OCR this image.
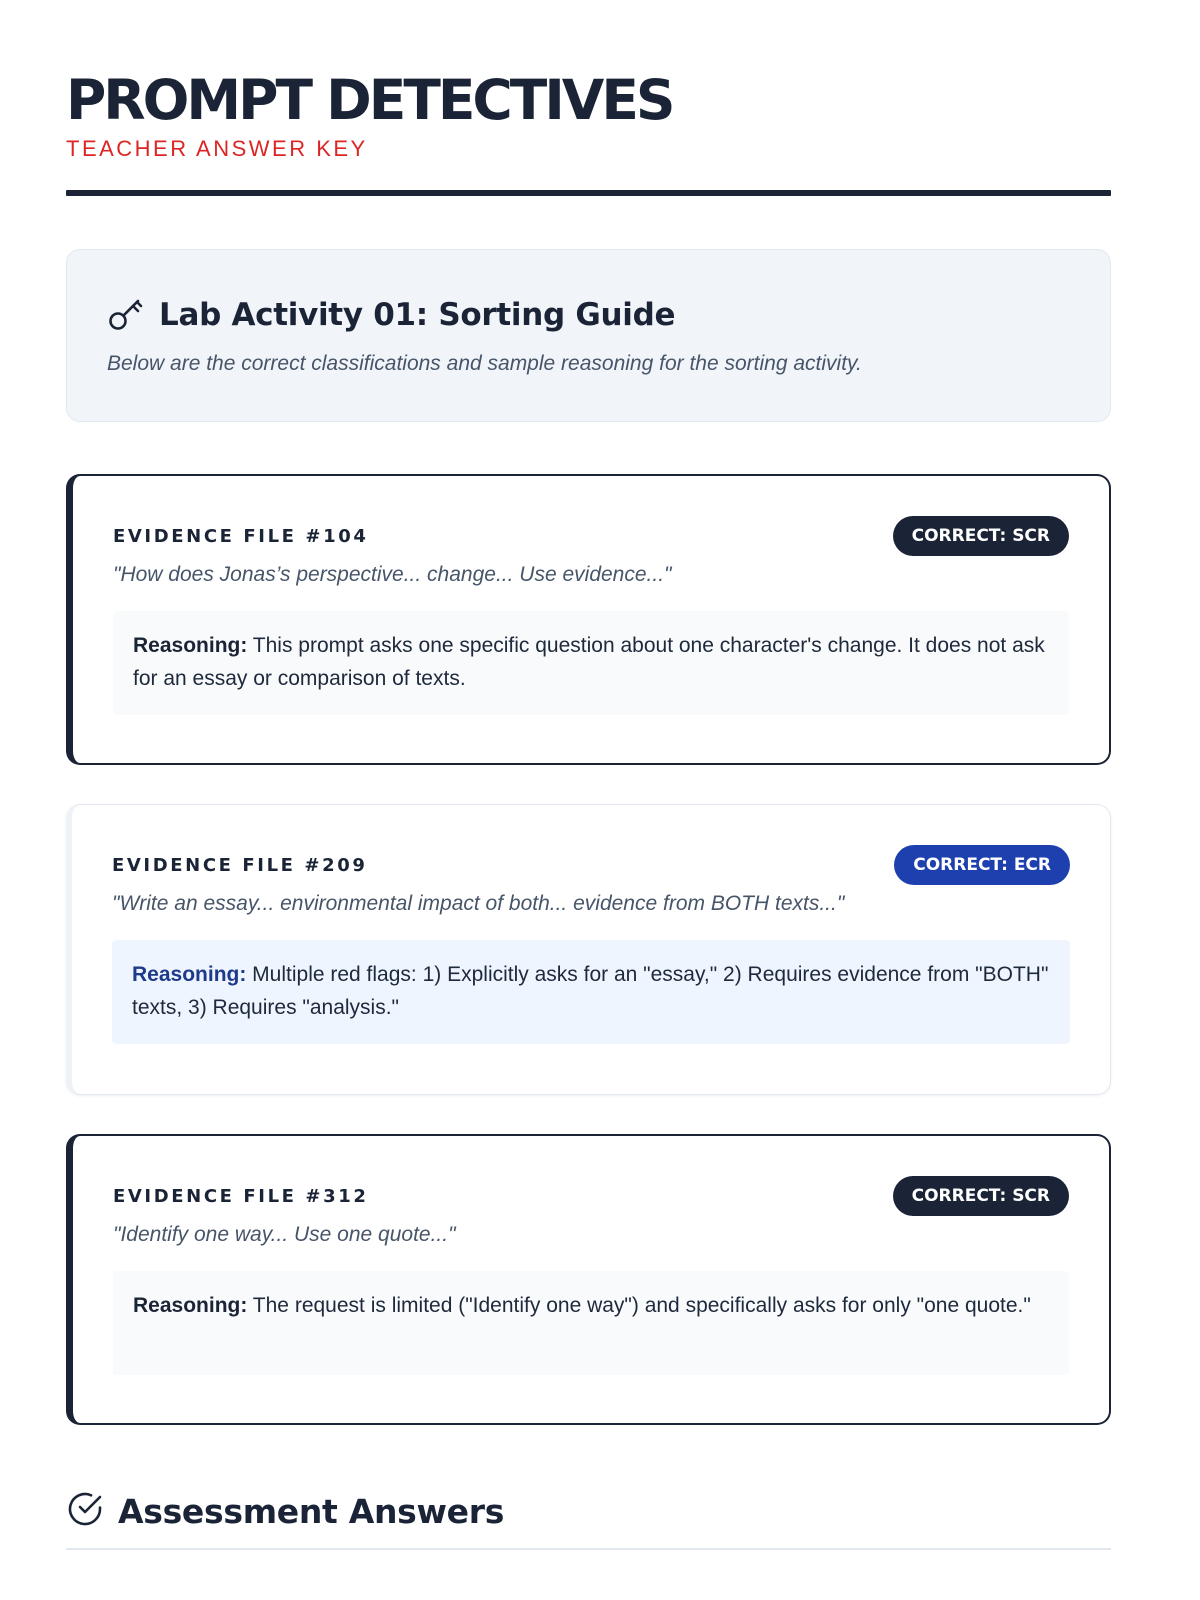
PROMPT DETECTIVES
TEACHER ANSWER KEY
Lab Activity 01: Sorting Guide
Below are the correct classifications and sample reasoning for the sorting activity.
EVIDENCE FILE #104	CORRECT: SCR
"How does Jonas’s perspective... change... Use evidence..."
Reasoning: This prompt asks one specific question about one character's change. It does not ask for an essay or comparison of texts.
EVIDENCE FILE #209	CORRECT: ECR
"Write an essay... environmental impact of both... evidence from BOTH texts..."
Reasoning: Multiple red flags: 1) Explicitly asks for an "essay," 2) Requires evidence from "BOTH" texts, 3) Requires "analysis."
EVIDENCE FILE #312	CORRECT: SCR
"Identify one way... Use one quote..."
Reasoning: The request is limited ("Identify one way") and specifically asks for only "one quote."
Assessment Answers
